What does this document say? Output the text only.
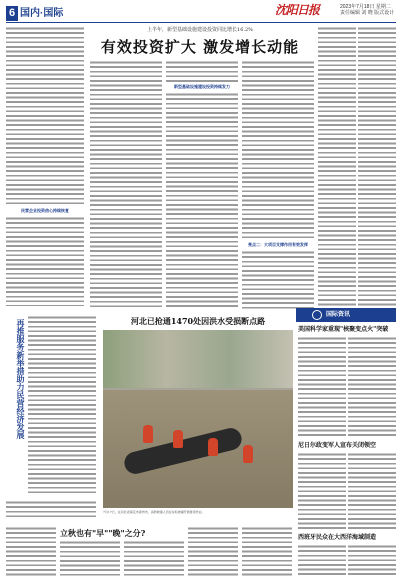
6 国内·国际	沈阳日报	2023年7月18日 星期二
责任编辑 刘 晓 版式设计
民营企业投资信心持续恢复
再推服务新举措助力民营经济发展
上半年，新型基础设施建设投资同比增长16.2%
有效投资扩大 激发增长动能
新型基础设施建设投资持续发力
亮点二：大项目支撑作用有效发挥
河北已抢通1470处因洪水受损断点路
7月17日，在河北省保定市涿州市，消防救援人员在东仙坡镇开展排涝作业。
立秋也有"早""晚"之分?
国际资讯
美国科学家重现"核聚变点火"突破
尼日尔政变军人宣布关闭领空
西班牙民众在大西洋海域制造
